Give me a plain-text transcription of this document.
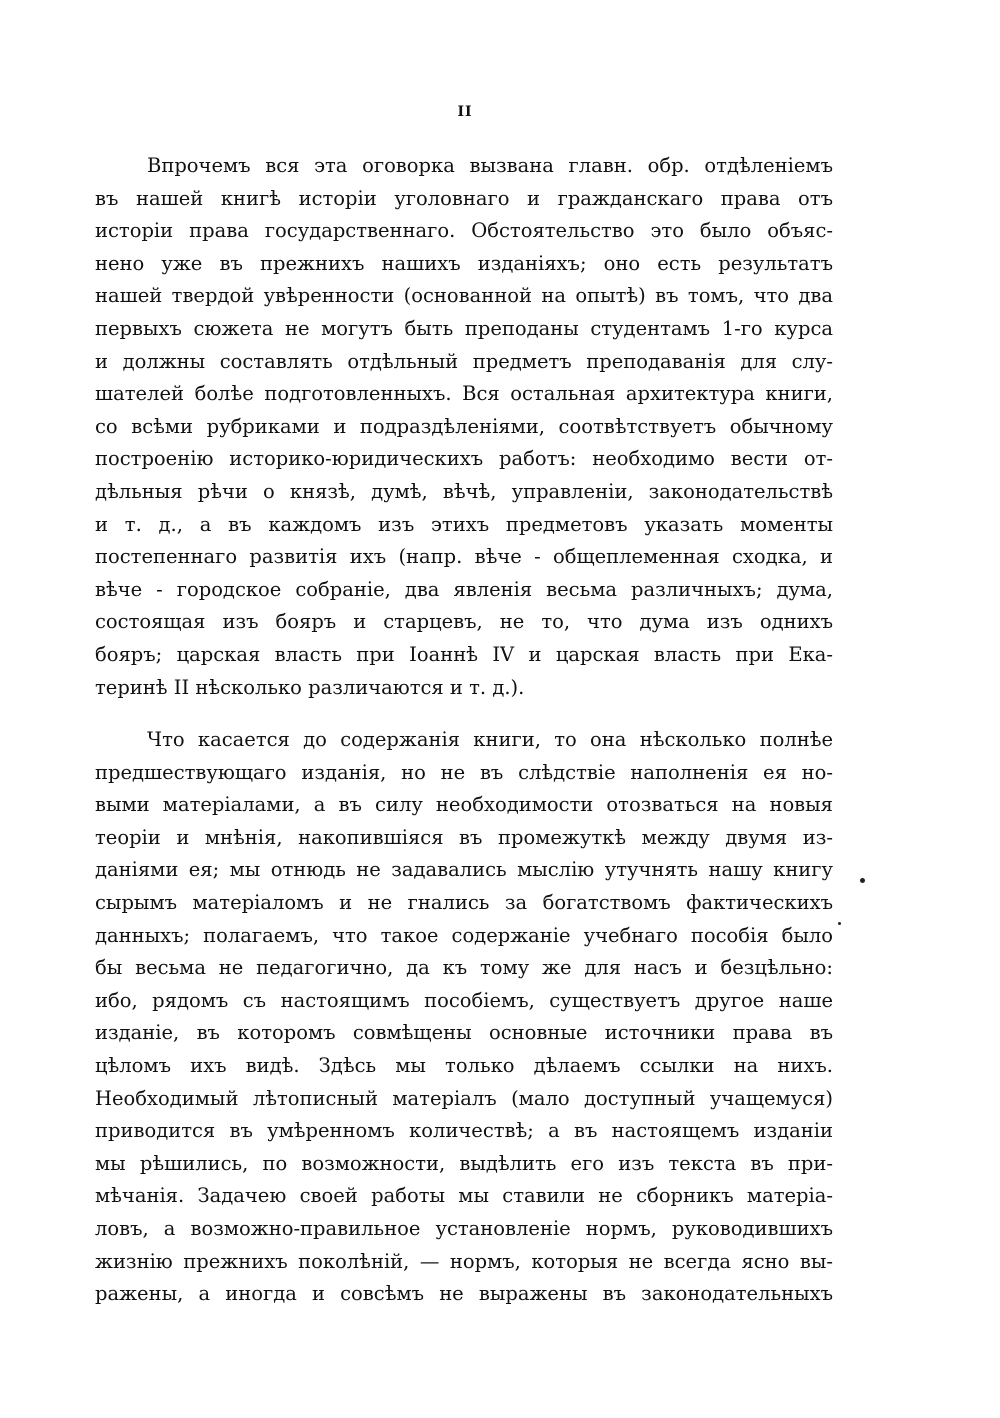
II
Впрочемъ вся эта оговорка вызвана главн. обр. отдѣленіемъ
въ нашей книгѣ исторіи уголовнаго и гражданскаго права отъ
исторіи права государственнаго. Обстоятельство это было объяс-
нено уже въ прежнихъ нашихъ изданіяхъ; оно есть результатъ
нашей твердой увѣренности (основанной на опытѣ) въ томъ, что два
первыхъ сюжета не могутъ быть преподаны студентамъ 1-го курса
и должны составлять отдѣльный предметъ преподаванія для слу-
шателей болѣе подготовленныхъ. Вся остальная архитектура книги,
со всѣми рубриками и подраздѣленіями, соотвѣтствуетъ обычному
построенію историко-юридическихъ работъ: необходимо вести от-
дѣльныя рѣчи о князѣ, думѣ, вѣчѣ, управленіи, законодательствѣ
и т. д., а въ каждомъ изъ этихъ предметовъ указать моменты
постепеннаго развитія ихъ (напр. вѣче - общеплеменная сходка, и
вѣче - городское собраніе, два явленія весьма различныхъ; дума,
состоящая изъ бояръ и старцевъ, не то, что дума изъ однихъ
бояръ; царская власть при Іоаннѣ IV и царская власть при Ека-
теринѣ II нѣсколько различаются и т. д.).
Что касается до содержанія книги, то она нѣсколько полнѣе
предшествующаго изданія, но не въ слѣдствіе наполненія ея но-
выми матеріалами, а въ силу необходимости отозваться на новыя
теоріи и мнѣнія, накопившіяся въ промежуткѣ между двумя из-
даніями ея; мы отнюдь не задавались мыслію утучнять нашу книгу
сырымъ матеріаломъ и не гнались за богатствомъ фактическихъ
данныхъ; полагаемъ, что такое содержаніе учебнаго пособія было
бы весьма не педагогично, да къ тому же для насъ и безцѣльно:
ибо, рядомъ съ настоящимъ пособіемъ, существуетъ другое наше
изданіе, въ которомъ совмѣщены основные источники права въ
цѣломъ ихъ видѣ. Здѣсь мы только дѣлаемъ ссылки на нихъ.
Необходимый лѣтописный матеріалъ (мало доступный учащемуся)
приводится въ умѣренномъ количествѣ; а въ настоящемъ изданіи
мы рѣшились, по возможности, выдѣлить его изъ текста въ при-
мѣчанія. Задачею своей работы мы ставили не сборникъ матеріа-
ловъ, а возможно-правильное установленіе нормъ, руководившихъ
жизнію прежнихъ поколѣній, — нормъ, которыя не всегда ясно вы-
ражены, а иногда и совсѣмъ не выражены въ законодательныхъ
